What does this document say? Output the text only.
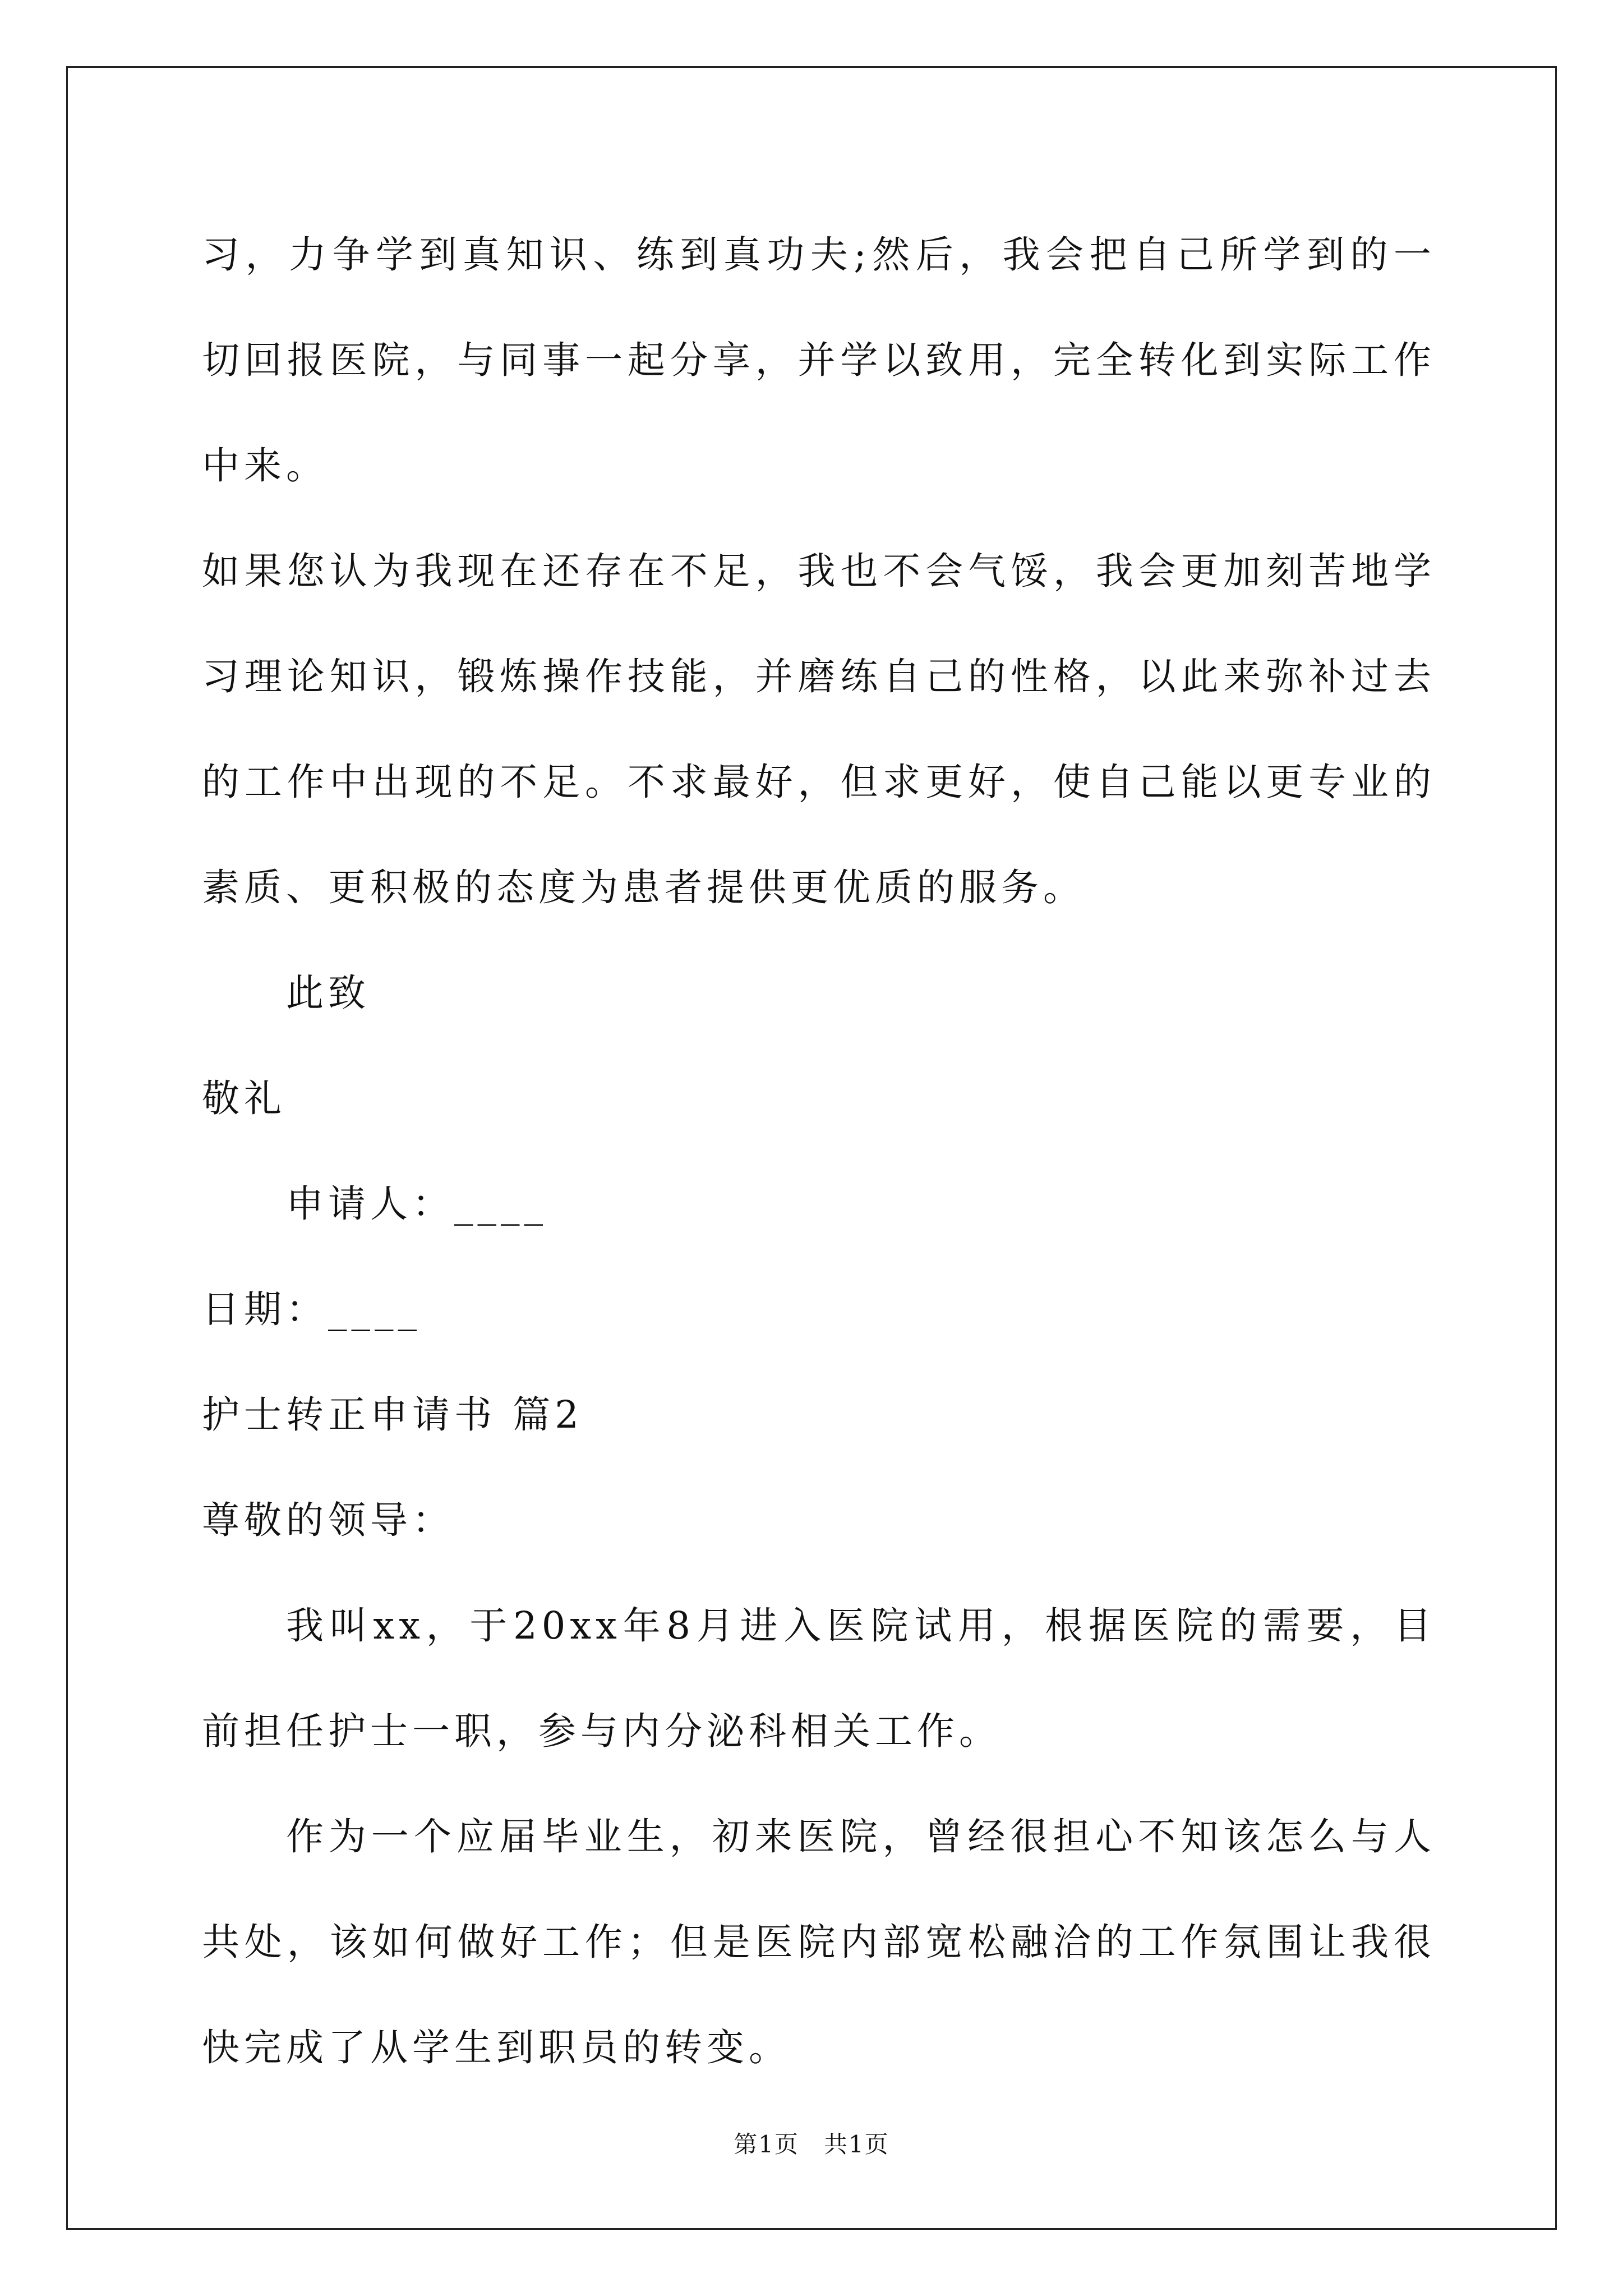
习，力争学到真知识、练到真功夫;然后，我会把自己所学到的一切回报医院，与同事一起分享，并学以致用，完全转化到实际工作中来。

如果您认为我现在还存在不足，我也不会气馁，我会更加刻苦地学习理论知识，锻炼操作技能，并磨练自己的性格，以此来弥补过去的工作中出现的不足。不求最好，但求更好，使自己能以更专业的素质、更积极的态度为患者提供更优质的服务。

此致

敬礼

申请人：____

日期：____

护士转正申请书 篇2

尊敬的领导：

我叫xx，于20xx年8月进入医院试用，根据医院的需要，目前担任护士一职，参与内分泌科相关工作。

作为一个应届毕业生，初来医院，曾经很担心不知该怎么与人共处，该如何做好工作；但是医院内部宽松融洽的工作氛围让我很快完成了从学生到职员的转变。

第1页　共1页
